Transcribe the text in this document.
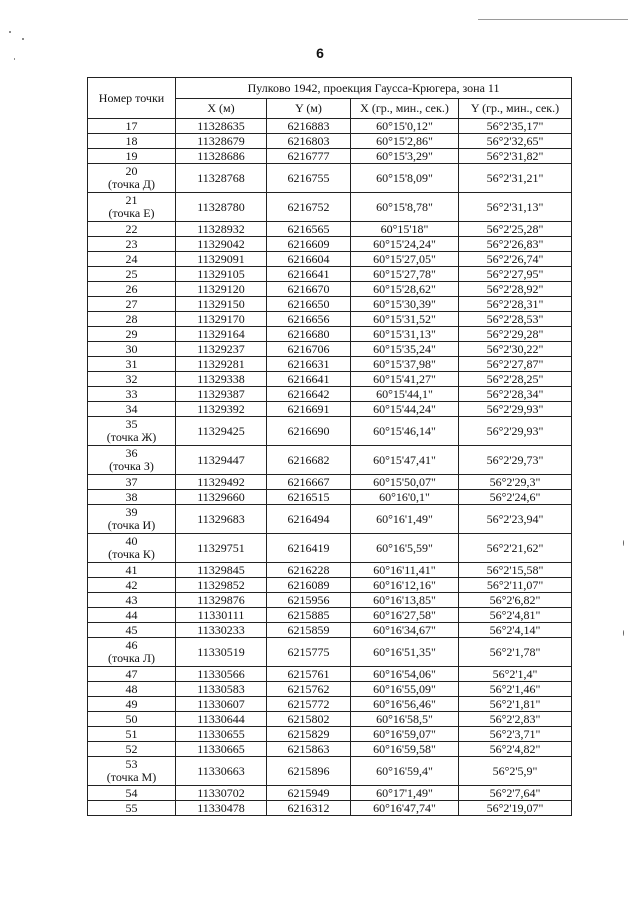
6
Номер точки	Пулково 1942, проекция Гаусса-Крюгера, зона 11			
	X (м)	Y (м)	X (гр., мин., сек.)	Y (гр., мин., сек.)

17	11328635	6216883	60°15'0,12"	56°2'35,17"

18	11328679	6216803	60°15'2,86"	56°2'32,65"

19	11328686	6216777	60°15'3,29"	56°2'31,82"

20
(точка Д)	11328768	6216755	60°15'8,09"	56°2'31,21"

21
(точка Е)	11328780	6216752	60°15'8,78"	56°2'31,13"

22	11328932	6216565	60°15'18"	56°2'25,28"

23	11329042	6216609	60°15'24,24"	56°2'26,83"

24	11329091	6216604	60°15'27,05"	56°2'26,74"

25	11329105	6216641	60°15'27,78"	56°2'27,95"

26	11329120	6216670	60°15'28,62"	56°2'28,92"

27	11329150	6216650	60°15'30,39"	56°2'28,31"

28	11329170	6216656	60°15'31,52"	56°2'28,53"

29	11329164	6216680	60°15'31,13"	56°2'29,28"

30	11329237	6216706	60°15'35,24"	56°2'30,22"

31	11329281	6216631	60°15'37,98"	56°2'27,87"

32	11329338	6216641	60°15'41,27"	56°2'28,25"

33	11329387	6216642	60°15'44,1"	56°2'28,34"

34	11329392	6216691	60°15'44,24"	56°2'29,93"

35
(точка Ж)	11329425	6216690	60°15'46,14"	56°2'29,93"

36
(точка З)	11329447	6216682	60°15'47,41"	56°2'29,73"

37	11329492	6216667	60°15'50,07"	56°2'29,3"

38	11329660	6216515	60°16'0,1"	56°2'24,6"

39
(точка И)	11329683	6216494	60°16'1,49"	56°2'23,94"

40
(точка К)	11329751	6216419	60°16'5,59"	56°2'21,62"

41	11329845	6216228	60°16'11,41"	56°2'15,58"

42	11329852	6216089	60°16'12,16"	56°2'11,07"

43	11329876	6215956	60°16'13,85"	56°2'6,82"

44	11330111	6215885	60°16'27,58"	56°2'4,81"

45	11330233	6215859	60°16'34,67"	56°2'4,14"

46
(точка Л)	11330519	6215775	60°16'51,35"	56°2'1,78"

47	11330566	6215761	60°16'54,06"	56°2'1,4"

48	11330583	6215762	60°16'55,09"	56°2'1,46"

49	11330607	6215772	60°16'56,46"	56°2'1,81"

50	11330644	6215802	60°16'58,5"	56°2'2,83"

51	11330655	6215829	60°16'59,07"	56°2'3,71"

52	11330665	6215863	60°16'59,58"	56°2'4,82"

53
(точка М)	11330663	6215896	60°16'59,4"	56°2'5,9"

54	11330702	6215949	60°17'1,49"	56°2'7,64"

55	11330478	6216312	60°16'47,74"	56°2'19,07"
